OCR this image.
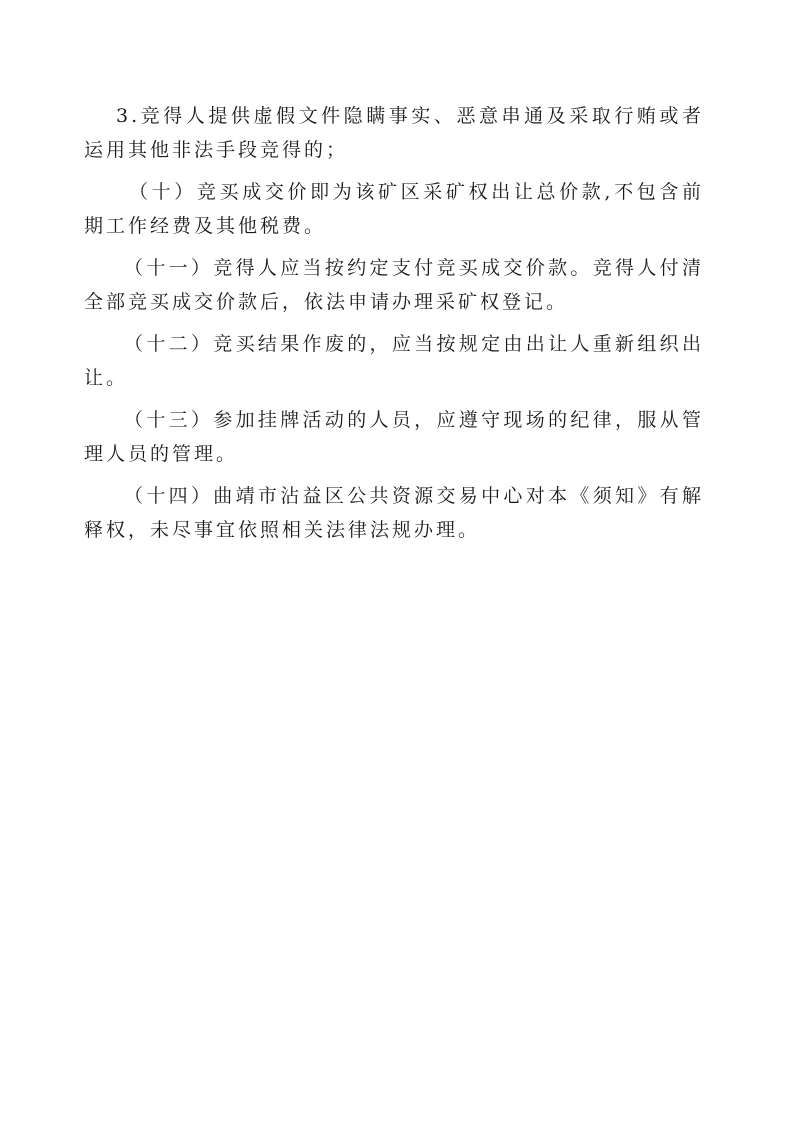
3.竞得人提供虚假文件隐瞒事实、恶意串通及采取行贿或者运用其他非法手段竞得的；

（十）竞买成交价即为该矿区采矿权出让总价款,不包含前期工作经费及其他税费。

（十一）竞得人应当按约定支付竞买成交价款。竞得人付清全部竞买成交价款后，依法申请办理采矿权登记。

（十二）竞买结果作废的，应当按规定由出让人重新组织出让。

（十三）参加挂牌活动的人员，应遵守现场的纪律，服从管理人员的管理。

（十四）曲靖市沾益区公共资源交易中心对本《须知》有解释权，未尽事宜依照相关法律法规办理。
